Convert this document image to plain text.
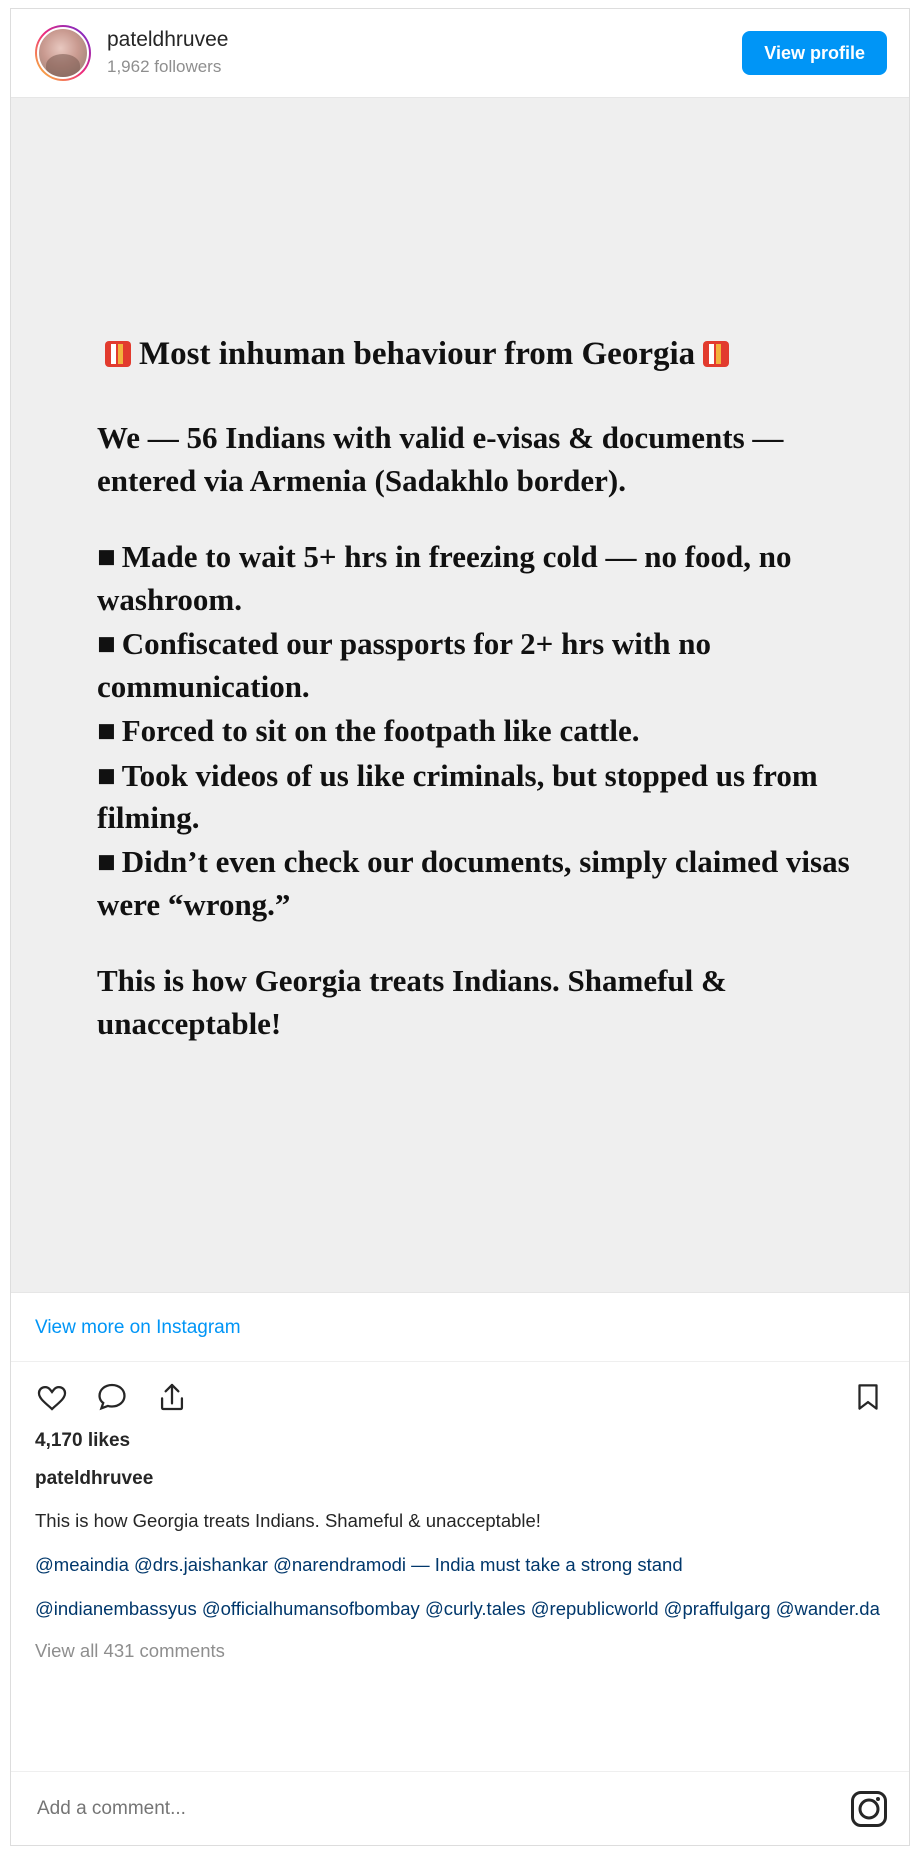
pateldhruvee
1,962 followers
View profile
Most inhuman behaviour from Georgia
We — 56 Indians with valid e-visas & documents — entered via Armenia (Sadakhlo border).
■ Made to wait 5+ hrs in freezing cold — no food, no washroom.
■ Confiscated our passports for 2+ hrs with no communication.
■ Forced to sit on the footpath like cattle.
■ Took videos of us like criminals, but stopped us from filming.
■ Didn’t even check our documents, simply claimed visas were “wrong.”
This is how Georgia treats Indians. Shameful & unacceptable!
View more on Instagram
4,170 likes
pateldhruvee
This is how Georgia treats Indians. Shameful & unacceptable!
@meaindia @drs.jaishankar @narendramodi — India must take a strong stand
@indianembassyus @officialhumansofbombay @curly.tales @republicworld @praffulgarg @wander.da
View all 431 comments
Add a comment...
